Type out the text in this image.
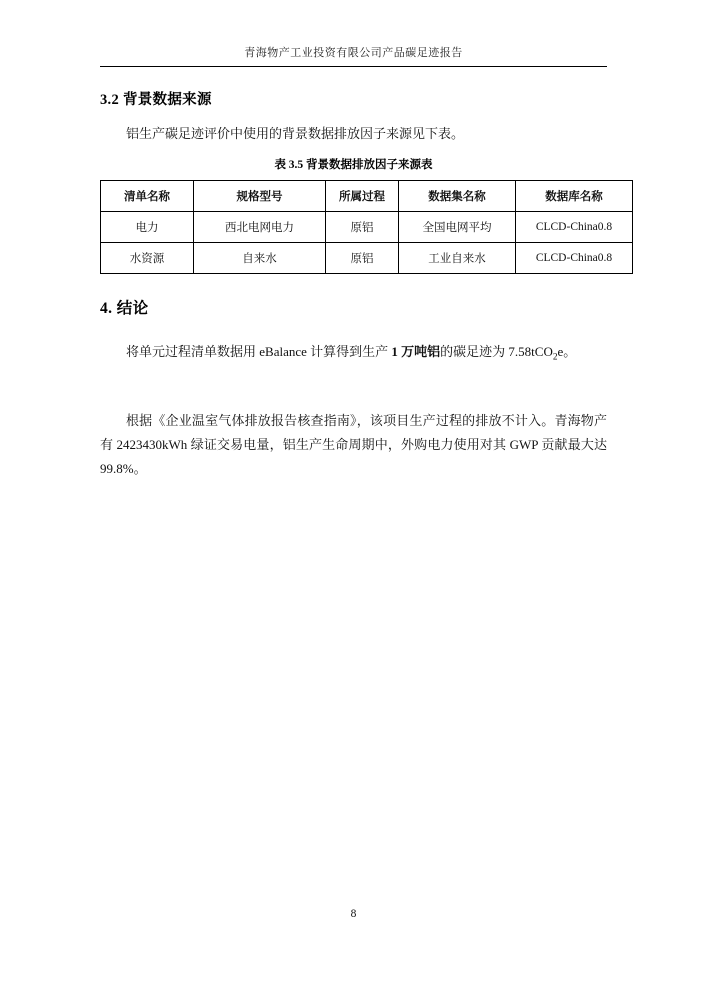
青海物产工业投资有限公司产品碳足迹报告
3.2 背景数据来源
铝生产碳足迹评价中使用的背景数据排放因子来源见下表。
表 3.5 背景数据排放因子来源表
清单名称	规格型号	所属过程	数据集名称	数据库名称
电力	西北电网电力	原铝	全国电网平均	CLCD-China0.8
水资源	自来水	原铝	工业自来水	CLCD-China0.8
4. 结论
将单元过程清单数据用 eBalance 计算得到生产 1 万吨铝的碳足迹为 7.58tCO$_2$e。
根据《企业温室气体排放报告核查指南》，该项目生产过程的排放不计入。青海物产有 2423430kWh 绿证交易电量，铝生产生命周期中，外购电力使用对其 GWP 贡献最大达 99.8%。
8
